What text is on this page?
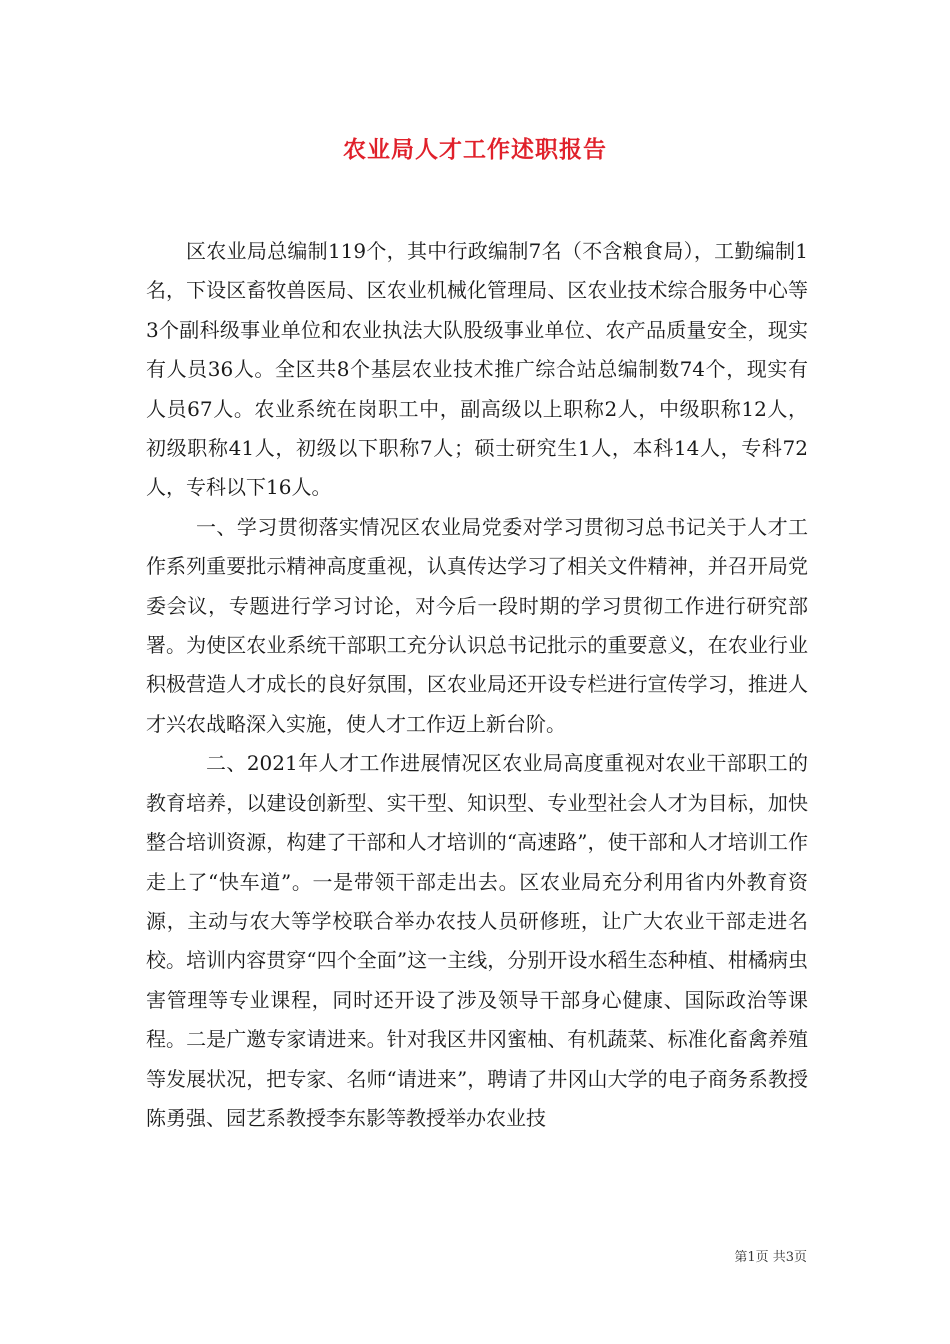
农业局人才工作述职报告

区农业局总编制119个，其中行政编制7名（不含粮食局），工勤编制1名，下设区畜牧兽医局、区农业机械化管理局、区农业技术综合服务中心等3个副科级事业单位和农业执法大队股级事业单位、农产品质量安全，现实有人员36人。全区共8个基层农业技术推广综合站总编制数74个，现实有人员67人。农业系统在岗职工中，副高级以上职称2人，中级职称12人，初级职称41人，初级以下职称7人；硕士研究生1人，本科14人，专科72人，专科以下16人。

一、学习贯彻落实情况区农业局党委对学习贯彻习总书记关于人才工作系列重要批示精神高度重视，认真传达学习了相关文件精神，并召开局党委会议，专题进行学习讨论，对今后一段时期的学习贯彻工作进行研究部署。为使区农业系统干部职工充分认识总书记批示的重要意义，在农业行业积极营造人才成长的良好氛围，区农业局还开设专栏进行宣传学习，推进人才兴农战略深入实施，使人才工作迈上新台阶。

二、2021年人才工作进展情况区农业局高度重视对农业干部职工的教育培养，以建设创新型、实干型、知识型、专业型社会人才为目标，加快整合培训资源，构建了干部和人才培训的“高速路”，使干部和人才培训工作走上了“快车道”。一是带领干部走出去。区农业局充分利用省内外教育资源，主动与农大等学校联合举办农技人员研修班，让广大农业干部走进名校。培训内容贯穿“四个全面”这一主线，分别开设水稻生态种植、柑橘病虫害管理等专业课程，同时还开设了涉及领导干部身心健康、国际政治等课程。二是广邀专家请进来。针对我区井冈蜜柚、有机蔬菜、标准化畜禽养殖等发展状况，把专家、名师“请进来”，聘请了井冈山大学的电子商务系教授陈勇强、园艺系教授李东影等教授举办农业技

第1页 共3页
